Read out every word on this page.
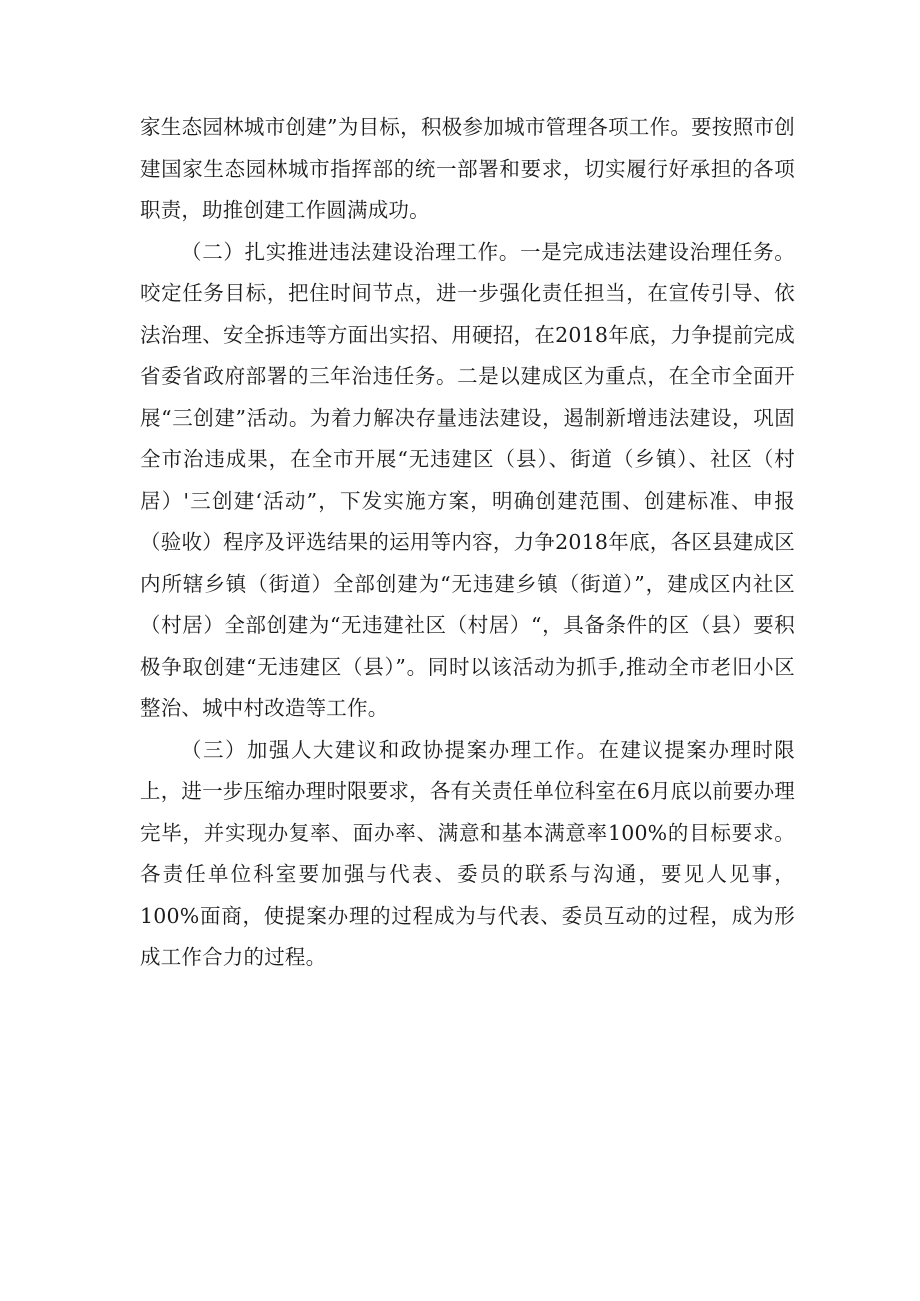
家生态园林城市创建”为目标，积极参加城市管理各项工作。要按照市创建国家生态园林城市指挥部的统一部署和要求，切实履行好承担的各项职责，助推创建工作圆满成功。

（二）扎实推进违法建设治理工作。一是完成违法建设治理任务。咬定任务目标，把住时间节点，进一步强化责任担当，在宣传引导、依法治理、安全拆违等方面出实招、用硬招，在2018年底，力争提前完成省委省政府部署的三年治违任务。二是以建成区为重点，在全市全面开展“三创建”活动。为着力解决存量违法建设，遏制新增违法建设，巩固全市治违成果，在全市开展“无违建区（县）、街道（乡镇）、社区（村居）'三创建‘活动”，下发实施方案，明确创建范围、创建标准、申报（验收）程序及评选结果的运用等内容，力争2018年底，各区县建成区内所辖乡镇（街道）全部创建为“无违建乡镇（街道）”，建成区内社区（村居）全部创建为“无违建社区（村居）“，具备条件的区（县）要积极争取创建“无违建区（县）”。同时以该活动为抓手,推动全市老旧小区整治、城中村改造等工作。

（三）加强人大建议和政协提案办理工作。在建议提案办理时限上，进一步压缩办理时限要求，各有关责任单位科室在6月底以前要办理完毕，并实现办复率、面办率、满意和基本满意率100%的目标要求。各责任单位科室要加强与代表、委员的联系与沟通，要见人见事，100%面商，使提案办理的过程成为与代表、委员互动的过程，成为形成工作合力的过程。
